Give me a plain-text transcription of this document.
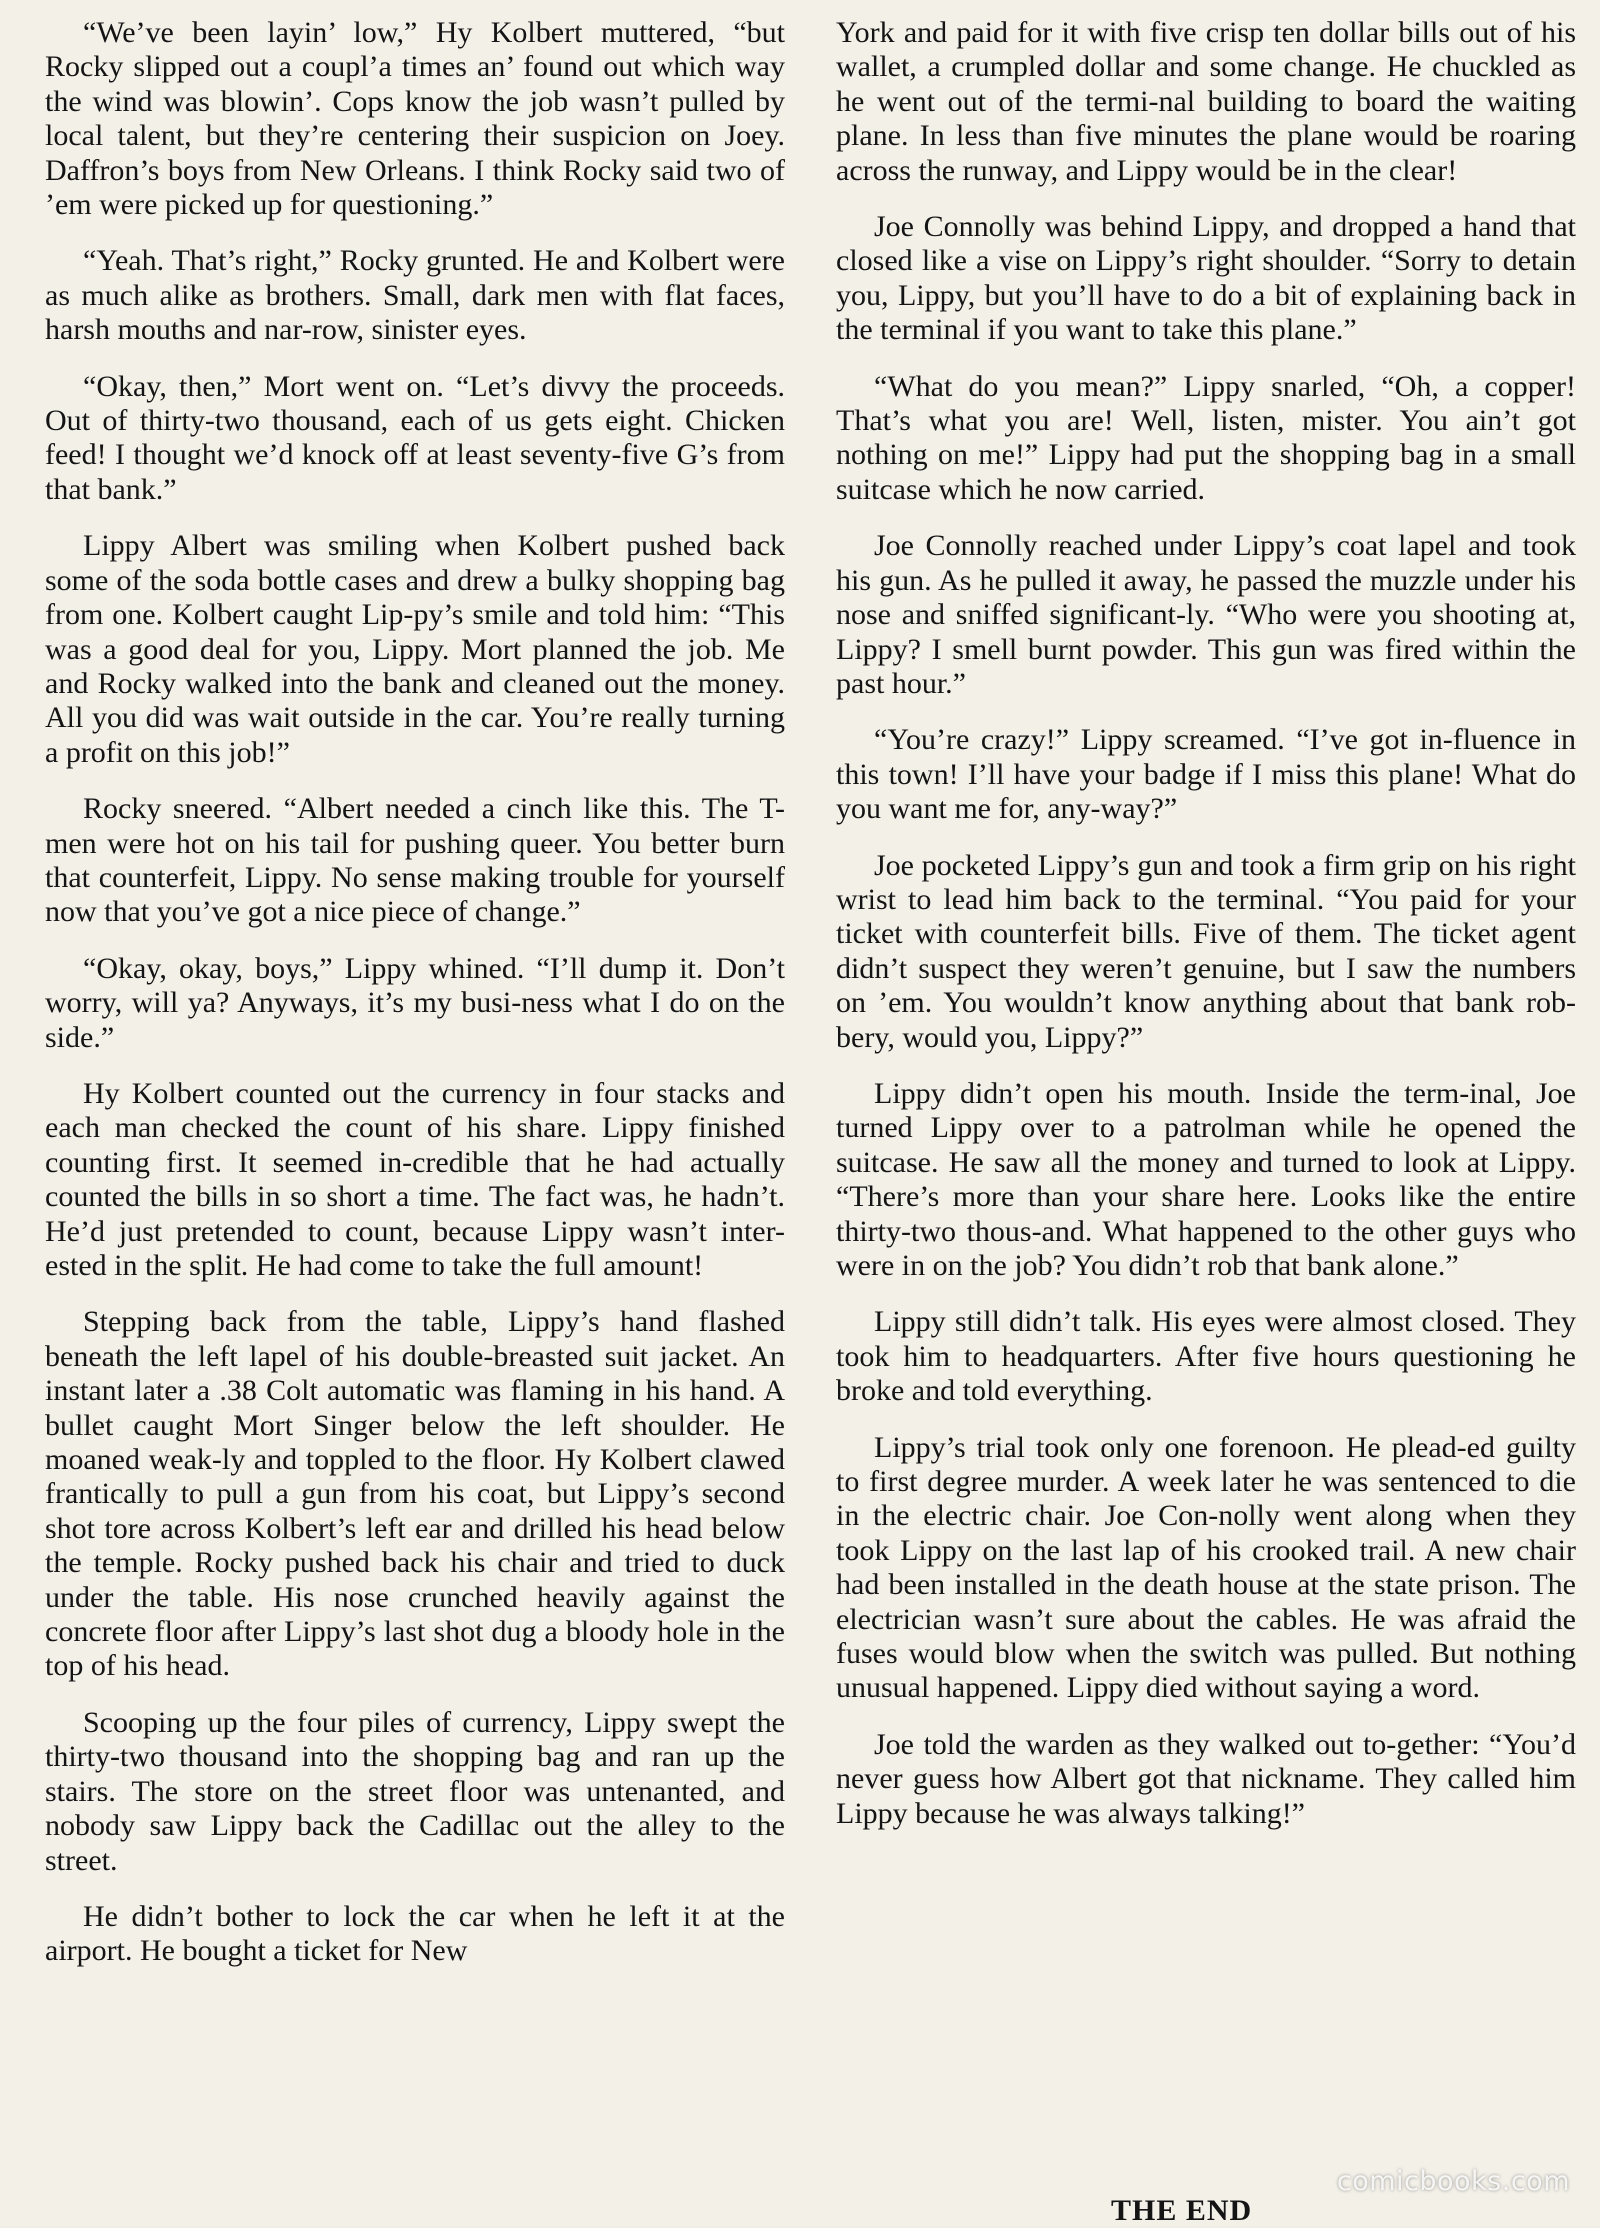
“We’ve been layin’ low,” Hy Kolbert muttered, “but Rocky slipped out a coupl’a times an’ found out which way the wind was blowin’. Cops know the job wasn’t pulled by local talent, but they’re centering their suspicion on Joey. Daffron’s boys from New Orleans. I think Rocky said two of ’em were picked up for questioning.”

“Yeah. That’s right,” Rocky grunted. He and Kolbert were as much alike as brothers. Small, dark men with flat faces, harsh mouths and nar-row, sinister eyes.

“Okay, then,” Mort went on. “Let’s divvy the proceeds. Out of thirty-two thousand, each of us gets eight. Chicken feed! I thought we’d knock off at least seventy-five G’s from that bank.”

Lippy Albert was smiling when Kolbert pushed back some of the soda bottle cases and drew a bulky shopping bag from one. Kolbert caught Lip-py’s smile and told him: “This was a good deal for you, Lippy. Mort planned the job. Me and Rocky walked into the bank and cleaned out the money. All you did was wait outside in the car. You’re really turning a profit on this job!”

Rocky sneered. “Albert needed a cinch like this. The T-men were hot on his tail for pushing queer. You better burn that counterfeit, Lippy. No sense making trouble for yourself now that you’ve got a nice piece of change.”

“Okay, okay, boys,” Lippy whined. “I’ll dump it. Don’t worry, will ya? Anyways, it’s my busi-ness what I do on the side.”

Hy Kolbert counted out the currency in four stacks and each man checked the count of his share. Lippy finished counting first. It seemed in-credible that he had actually counted the bills in so short a time. The fact was, he hadn’t. He’d just pretended to count, because Lippy wasn’t inter-ested in the split. He had come to take the full amount!

Stepping back from the table, Lippy’s hand flashed beneath the left lapel of his double-breasted suit jacket. An instant later a .38 Colt automatic was flaming in his hand. A bullet caught Mort Singer below the left shoulder. He moaned weak-ly and toppled to the floor. Hy Kolbert clawed frantically to pull a gun from his coat, but Lippy’s second shot tore across Kolbert’s left ear and drilled his head below the temple. Rocky pushed back his chair and tried to duck under the table. His nose crunched heavily against the concrete floor after Lippy’s last shot dug a bloody hole in the top of his head.

Scooping up the four piles of currency, Lippy swept the thirty-two thousand into the shopping bag and ran up the stairs. The store on the street floor was untenanted, and nobody saw Lippy back the Cadillac out the alley to the street.

He didn’t bother to lock the car when he left it at the airport. He bought a ticket for New

York and paid for it with five crisp ten dollar bills out of his wallet, a crumpled dollar and some change. He chuckled as he went out of the termi-nal building to board the waiting plane. In less than five minutes the plane would be roaring across the runway, and Lippy would be in the clear!

Joe Connolly was behind Lippy, and dropped a hand that closed like a vise on Lippy’s right shoulder. “Sorry to detain you, Lippy, but you’ll have to do a bit of explaining back in the terminal if you want to take this plane.”

“What do you mean?” Lippy snarled, “Oh, a copper! That’s what you are! Well, listen, mister. You ain’t got nothing on me!” Lippy had put the shopping bag in a small suitcase which he now carried.

Joe Connolly reached under Lippy’s coat lapel and took his gun. As he pulled it away, he passed the muzzle under his nose and sniffed significant-ly. “Who were you shooting at, Lippy? I smell burnt powder. This gun was fired within the past hour.”

“You’re crazy!” Lippy screamed. “I’ve got in-fluence in this town! I’ll have your badge if I miss this plane! What do you want me for, any-way?”

Joe pocketed Lippy’s gun and took a firm grip on his right wrist to lead him back to the terminal. “You paid for your ticket with counterfeit bills. Five of them. The ticket agent didn’t suspect they weren’t genuine, but I saw the numbers on ’em. You wouldn’t know anything about that bank rob-bery, would you, Lippy?”

Lippy didn’t open his mouth. Inside the term-inal, Joe turned Lippy over to a patrolman while he opened the suitcase. He saw all the money and turned to look at Lippy. “There’s more than your share here. Looks like the entire thirty-two thous-and. What happened to the other guys who were in on the job? You didn’t rob that bank alone.”

Lippy still didn’t talk. His eyes were almost closed. They took him to headquarters. After five hours questioning he broke and told everything.

Lippy’s trial took only one forenoon. He plead-ed guilty to first degree murder. A week later he was sentenced to die in the electric chair. Joe Con-nolly went along when they took Lippy on the last lap of his crooked trail. A new chair had been installed in the death house at the state prison. The electrician wasn’t sure about the cables. He was afraid the fuses would blow when the switch was pulled. But nothing unusual happened. Lippy died without saying a word.

Joe told the warden as they walked out to-gether: “You’d never guess how Albert got that nickname. They called him Lippy because he was always talking!”

THE END
comicbooks.com
